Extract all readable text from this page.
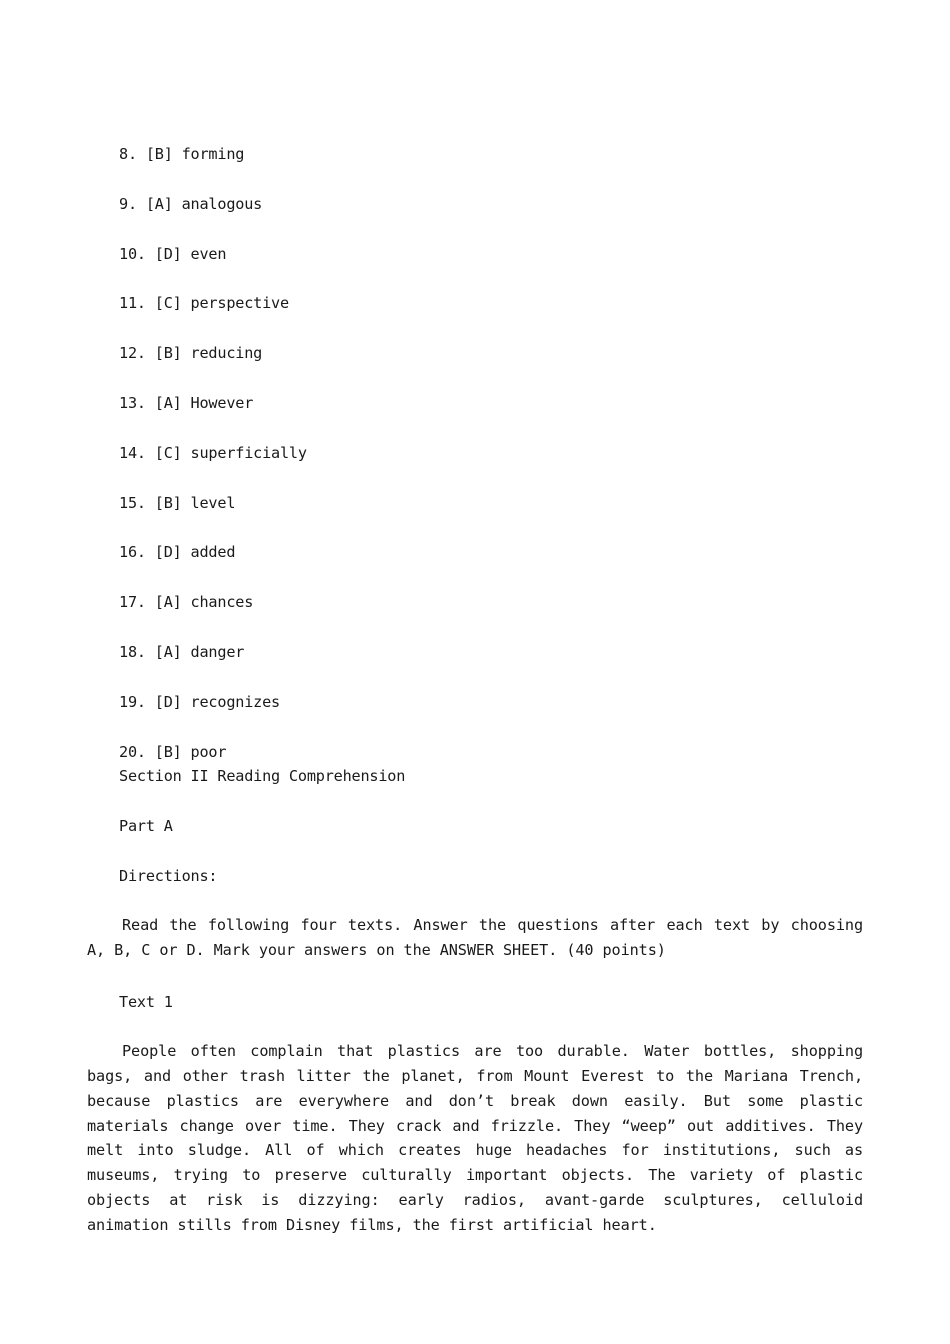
8. [B] forming
9. [A] analogous
10. [D] even
11. [C] perspective
12. [B] reducing
13. [A] However
14. [C] superficially
15. [B] level
16. [D] added
17. [A] chances
18. [A] danger
19. [D] recognizes
20. [B] poor
Section II Reading Comprehension
Part A
Directions:
Read the following four texts. Answer the questions after each text by choosing A, B, C or D. Mark your answers on the ANSWER SHEET. (40 points)
Text 1
People often complain that plastics are too durable. Water bottles, shopping bags, and other trash litter the planet, from Mount Everest to the Mariana Trench, because plastics are everywhere and don’t break down easily. But some plastic materials change over time. They crack and frizzle. They “weep” out additives. They melt into sludge. All of which creates huge headaches for institutions, such as museums, trying to preserve culturally important objects. The variety of plastic objects at risk is dizzying: early radios, avant-garde sculptures, celluloid animation stills from Disney films, the first artificial heart.
